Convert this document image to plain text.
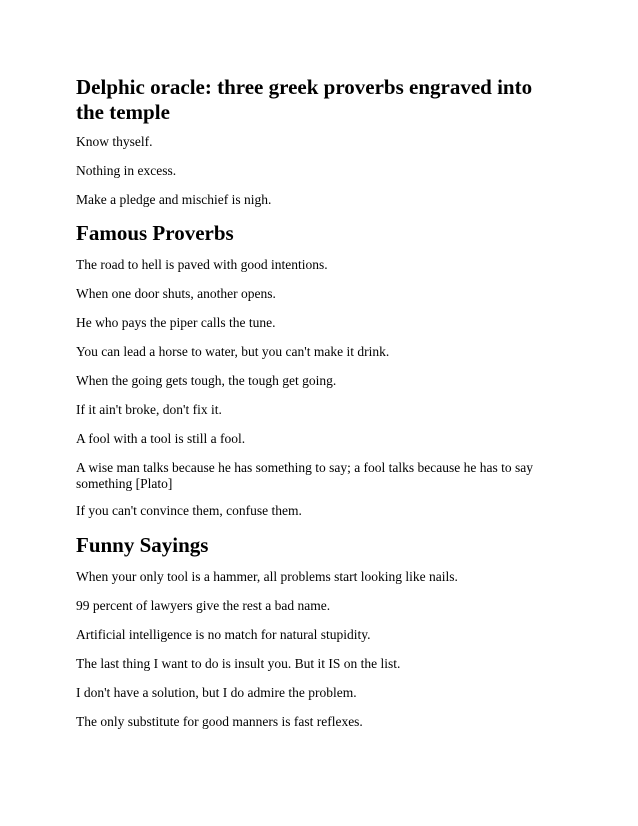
Delphic oracle: three greek proverbs engraved into the temple

Know thyself.

Nothing in excess.

Make a pledge and mischief is nigh.

Famous Proverbs

The road to hell is paved with good intentions.

When one door shuts, another opens.

He who pays the piper calls the tune.

You can lead a horse to water, but you can't make it drink.

When the going gets tough, the tough get going.

If it ain't broke, don't fix it.

A fool with a tool is still a fool.

A wise man talks because he has something to say; a fool talks because he has to say something [Plato]

If you can't convince them, confuse them.

Funny Sayings

When your only tool is a hammer, all problems start looking like nails.

99 percent of lawyers give the rest a bad name.

Artificial intelligence is no match for natural stupidity.

The last thing I want to do is insult you. But it IS on the list.

I don't have a solution, but I do admire the problem.

The only substitute for good manners is fast reflexes.
